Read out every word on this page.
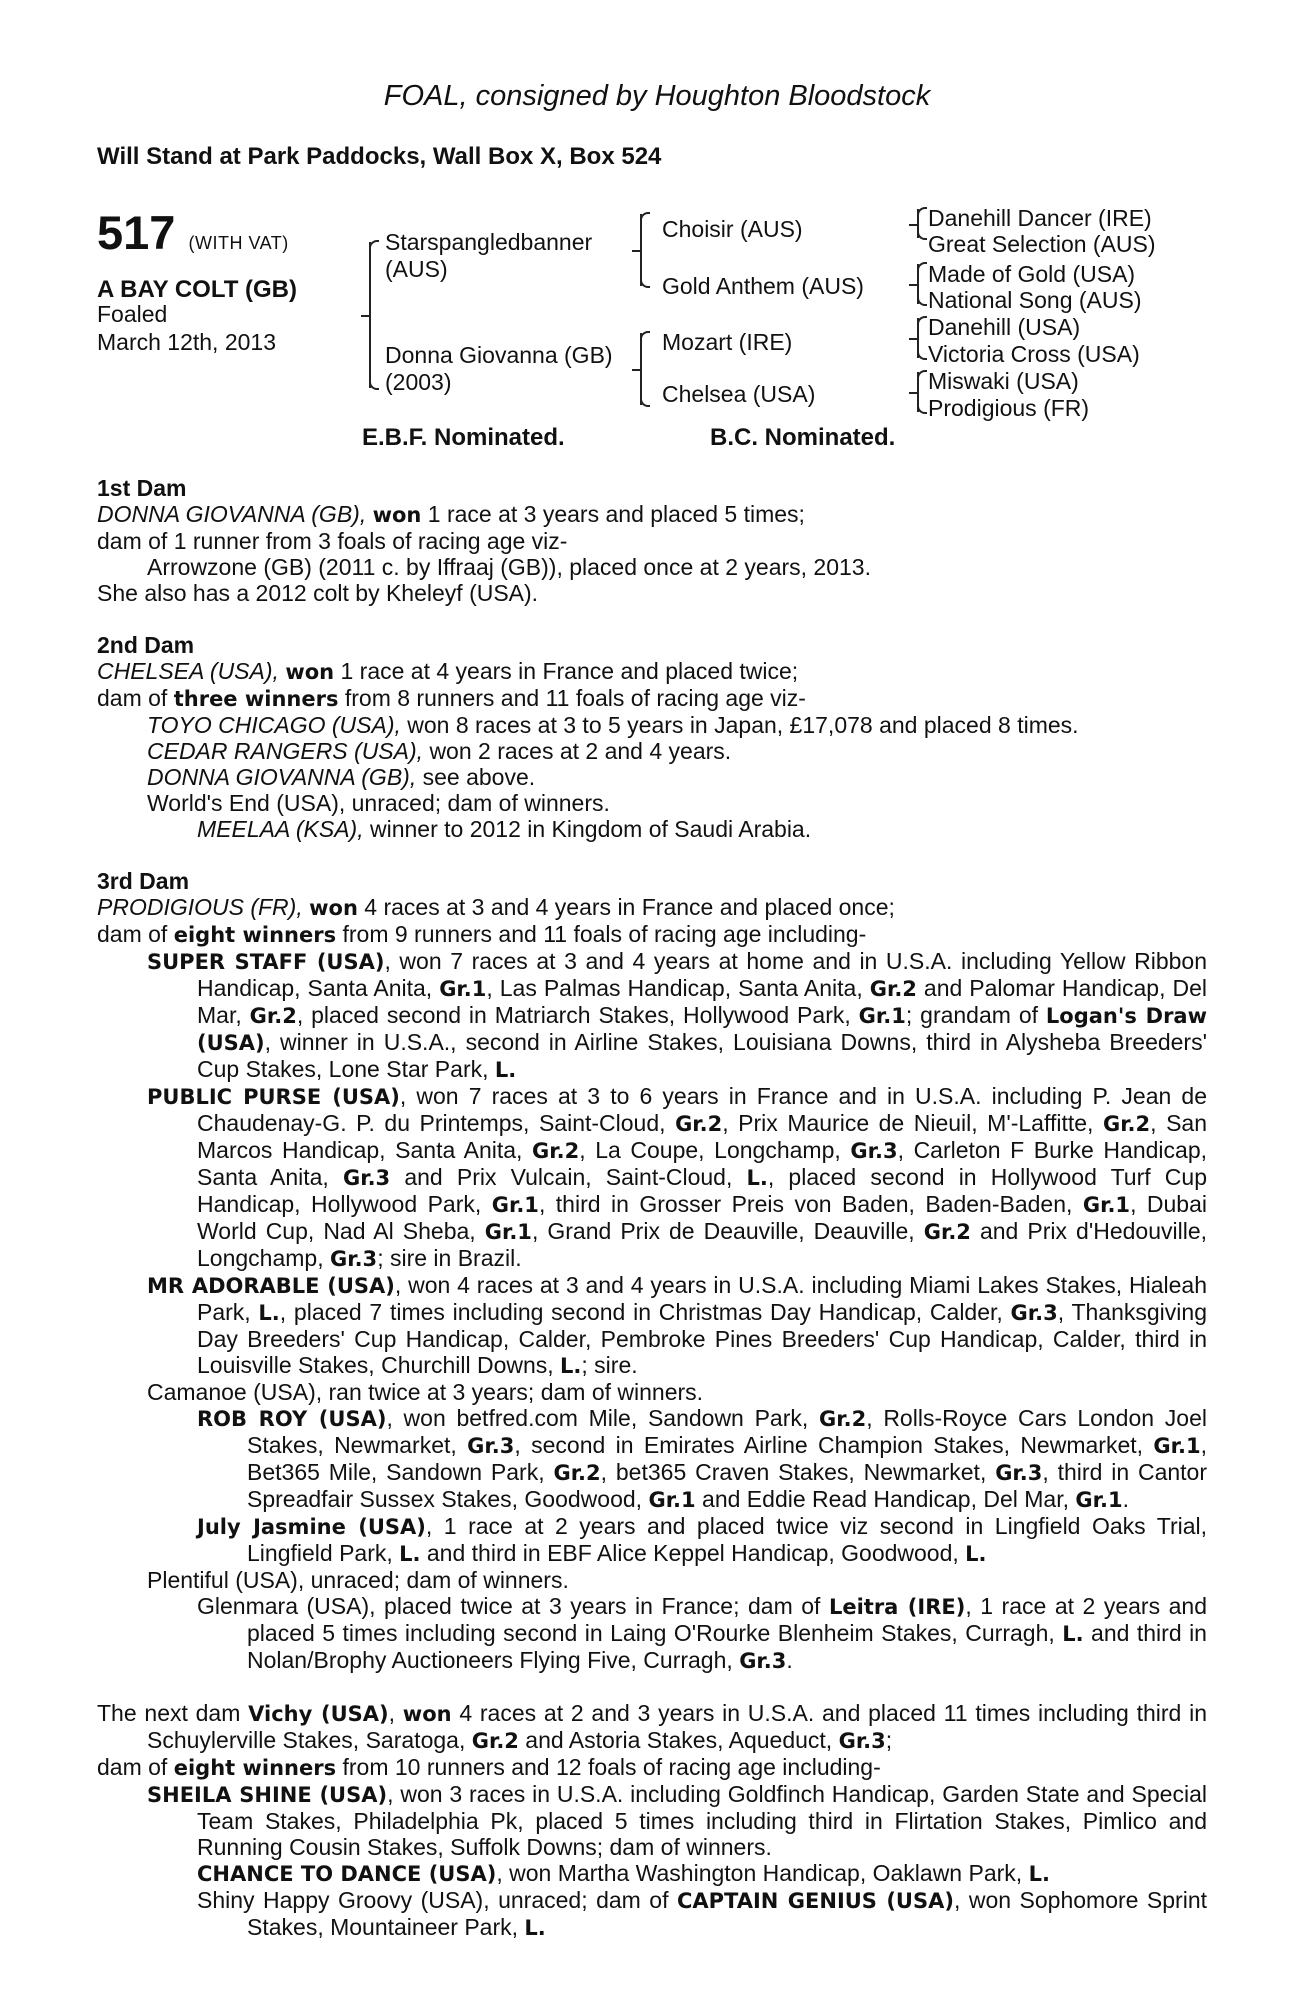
FOAL, consigned by Houghton Bloodstock
Will Stand at Park Paddocks, Wall Box X, Box 524
517 (WITH VAT)
A BAY COLT (GB)
Foaled
March 12th, 2013
Starspangledbanner
(AUS)
Donna Giovanna (GB)
(2003)
Choisir (AUS)
Gold Anthem (AUS)
Mozart (IRE)
Chelsea (USA)
Danehill Dancer (IRE)
Great Selection (AUS)
Made of Gold (USA)
National Song (AUS)
Danehill (USA)
Victoria Cross (USA)
Miswaki (USA)
Prodigious (FR)
E.B.F. Nominated.	B.C. Nominated.

1st Dam

DONNA GIOVANNA (GB), won 1 race at 3 years and placed 5 times;

dam of 1 runner from 3 foals of racing age viz-

Arrowzone (GB) (2011 c. by Iffraaj (GB)), placed once at 2 years, 2013.

She also has a 2012 colt by Kheleyf (USA).

2nd Dam

CHELSEA (USA), won 1 race at 4 years in France and placed twice;

dam of three winners from 8 runners and 11 foals of racing age viz-

TOYO CHICAGO (USA), won 8 races at 3 to 5 years in Japan, £17,078 and placed 8 times.

CEDAR RANGERS (USA), won 2 races at 2 and 4 years.

DONNA GIOVANNA (GB), see above.

World's End (USA), unraced; dam of winners.

MEELAA (KSA), winner to 2012 in Kingdom of Saudi Arabia.

3rd Dam

PRODIGIOUS (FR), won 4 races at 3 and 4 years in France and placed once;

dam of eight winners from 9 runners and 11 foals of racing age including-

SUPER STAFF (USA), won 7 races at 3 and 4 years at home and in U.S.A. including Yellow Ribbon Handicap, Santa Anita, Gr.1, Las Palmas Handicap, Santa Anita, Gr.2 and Palomar Handicap, Del Mar, Gr.2, placed second in Matriarch Stakes, Hollywood Park, Gr.1; grandam of Logan's Draw (USA), winner in U.S.A., second in Airline Stakes, Louisiana Downs, third in Alysheba Breeders' Cup Stakes, Lone Star Park, L.

PUBLIC PURSE (USA), won 7 races at 3 to 6 years in France and in U.S.A. including P. Jean de Chaudenay-G. P. du Printemps, Saint-Cloud, Gr.2, Prix Maurice de Nieuil, M'-Laffitte, Gr.2, San Marcos Handicap, Santa Anita, Gr.2, La Coupe, Longchamp, Gr.3, Carleton F Burke Handicap, Santa Anita, Gr.3 and Prix Vulcain, Saint-Cloud, L., placed second in Hollywood Turf Cup Handicap, Hollywood Park, Gr.1, third in Grosser Preis von Baden, Baden-Baden, Gr.1, Dubai World Cup, Nad Al Sheba, Gr.1, Grand Prix de Deauville, Deauville, Gr.2 and Prix d'Hedouville, Longchamp, Gr.3; sire in Brazil.

MR ADORABLE (USA), won 4 races at 3 and 4 years in U.S.A. including Miami Lakes Stakes, Hialeah Park, L., placed 7 times including second in Christmas Day Handicap, Calder, Gr.3, Thanksgiving Day Breeders' Cup Handicap, Calder, Pembroke Pines Breeders' Cup Handicap, Calder, third in Louisville Stakes, Churchill Downs, L.; sire.

Camanoe (USA), ran twice at 3 years; dam of winners.

ROB ROY (USA), won betfred.com Mile, Sandown Park, Gr.2, Rolls-Royce Cars London Joel Stakes, Newmarket, Gr.3, second in Emirates Airline Champion Stakes, Newmarket, Gr.1, Bet365 Mile, Sandown Park, Gr.2, bet365 Craven Stakes, Newmarket, Gr.3, third in Cantor Spreadfair Sussex Stakes, Goodwood, Gr.1 and Eddie Read Handicap, Del Mar, Gr.1.

July Jasmine (USA), 1 race at 2 years and placed twice viz second in Lingfield Oaks Trial, Lingfield Park, L. and third in EBF Alice Keppel Handicap, Goodwood, L.

Plentiful (USA), unraced; dam of winners.

Glenmara (USA), placed twice at 3 years in France; dam of Leitra (IRE), 1 race at 2 years and placed 5 times including second in Laing O'Rourke Blenheim Stakes, Curragh, L. and third in Nolan/Brophy Auctioneers Flying Five, Curragh, Gr.3.

The next dam Vichy (USA), won 4 races at 2 and 3 years in U.S.A. and placed 11 times including third in Schuylerville Stakes, Saratoga, Gr.2 and Astoria Stakes, Aqueduct, Gr.3;

dam of eight winners from 10 runners and 12 foals of racing age including-

SHEILA SHINE (USA), won 3 races in U.S.A. including Goldfinch Handicap, Garden State and Special Team Stakes, Philadelphia Pk, placed 5 times including third in Flirtation Stakes, Pimlico and Running Cousin Stakes, Suffolk Downs; dam of winners.

CHANCE TO DANCE (USA), won Martha Washington Handicap, Oaklawn Park, L.

Shiny Happy Groovy (USA), unraced; dam of CAPTAIN GENIUS (USA), won Sophomore Sprint Stakes, Mountaineer Park, L.
